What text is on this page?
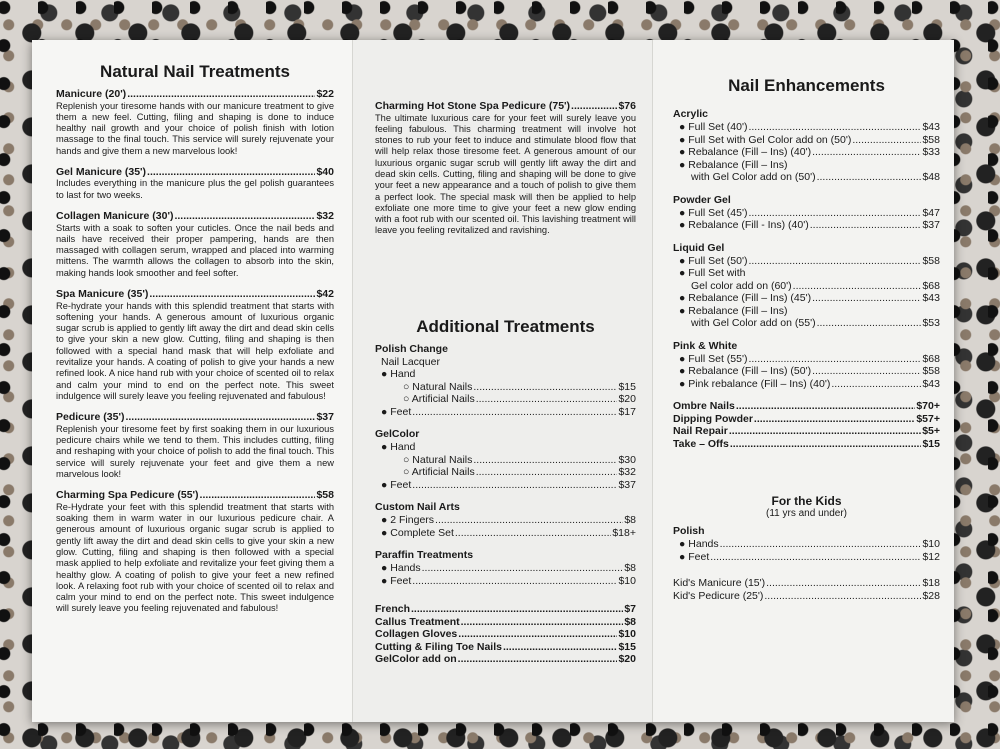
Natural Nail Treatments
Manicure (20') .....	$22

Replenish your tiresome hands with our manicure treatment to give them a new feel. Cutting, filing and shaping is done to induce healthy nail growth and your choice of polish finish with lotion massage to the final touch. This service will surely rejuvenate your hands and give them a new marvelous look!

Gel Manicure (35') .....	$40

Includes everything in the manicure plus the gel polish guarantees to last for two weeks.

Collagen Manicure (30') .....	$32

Starts with a soak to soften your cuticles. Once the nail beds and nails have received their proper pampering, hands are then massaged with collagen serum, wrapped and placed into warming mittens. The warmth allows the collagen to absorb into the skin, making hands look smoother and feel softer.

Spa Manicure (35') .....	$42

Re-hydrate your hands with this splendid treatment that starts with softening your hands. A generous amount of luxurious organic sugar scrub is applied to gently lift away the dirt and dead skin cells to give your skin a new glow. Cutting, filing and shaping is then followed with a special hand mask that will help exfoliate and revitalize your hands. A coating of polish to give your hands a new refined look. A nice hand rub with your choice of scented oil to relax and calm your mind to end on the perfect note. This sweet indulgence will surely leave you feeling rejuvenated and fabulous!

Pedicure (35') .....	$37

Replenish your tiresome feet by first soaking them in our luxurious pedicure chairs while we tend to them. This includes cutting, filing and reshaping with your choice of polish to add the final touch. This service will surely rejuvenate your feet and give them a new marvelous look!

Charming Spa Pedicure (55') .....	$58

Re-Hydrate your feet with this splendid treatment that starts with soaking them in warm water in our luxurious pedicure chair. A generous amount of luxurious organic sugar scrub is applied to gently lift away the dirt and dead skin cells to give your skin a new glow. Cutting, filing and shaping is then followed with a special mask applied to help exfoliate and revitalize your feet giving them a healthy glow. A coating of polish to give your feet a new refined look. A relaxing foot rub with your choice of scented oil to relax and calm your mind to end on the perfect note. This sweet indulgence will surely leave you feeling rejuvenated and fabulous!

Charming Hot Stone Spa Pedicure (75') .....	$76

The ultimate luxurious care for your feet will surely leave you feeling fabulous. This charming treatment will involve hot stones to rub your feet to induce and stimulate blood flow that will help relax those tiresome feet. A generous amount of our luxurious organic sugar scrub will gently lift away the dirt and dead skin cells. Cutting, filing and shaping will be done to give your feet a new appearance and a touch of polish to give them a perfect look. The special mask will then be applied to help exfoliate one more time to give your feet a new glow ending with a foot rub with our scented oil. This lavishing treatment will leave you feeling revitalized and ravishing.

Additional Treatments
Polish Change
Nail Lacquer
● Hand
○ Natural Nails .....	$15
○ Artificial Nails .....	$20
● Feet .....	$17
GelColor
● Hand
○ Natural Nails .....	$30
○ Artificial Nails .....	$32
● Feet .....	$37
Custom Nail Arts
● 2 Fingers .....	$8
● Complete Set .....	$18+
Paraffin Treatments
● Hands .....	$8
● Feet .....	$10
French .....	$7
Callus Treatment .....	$8
Collagen Gloves .....	$10
Cutting & Filing Toe Nails .....	$15
GelColor add on .....	$20
Nail Enhancements
Acrylic
● Full Set (40') .....	$43
● Full Set with Gel Color add on (50') .....	$58
● Rebalance (Fill – Ins) (40') .....	$33
● Rebalance (Fill – Ins)
with Gel Color add on (50') .....	$48
Powder Gel
● Full Set (45') .....	$47
● Rebalance (Fill - Ins) (40') .....	$37
Liquid Gel
● Full Set (50') .....	$58
● Full Set with
Gel color add on (60') .....	$68
● Rebalance (Fill – Ins) (45') .....	$43
● Rebalance (Fill – Ins)
with Gel Color add on (55') .....	$53
Pink & White
● Full Set (55') .....	$68
● Rebalance (Fill – Ins) (50') .....	$58
● Pink rebalance (Fill – Ins) (40') .....	$43
Ombre Nails .....	$70+
Dipping Powder .....	$57+
Nail Repair .....	$5+
Take – Offs .....	$15
For the Kids
(11 yrs and under)
Polish
● Hands .....	$10
● Feet .....	$12
Kid's Manicure (15') .....	$18
Kid's Pedicure (25') .....	$28
